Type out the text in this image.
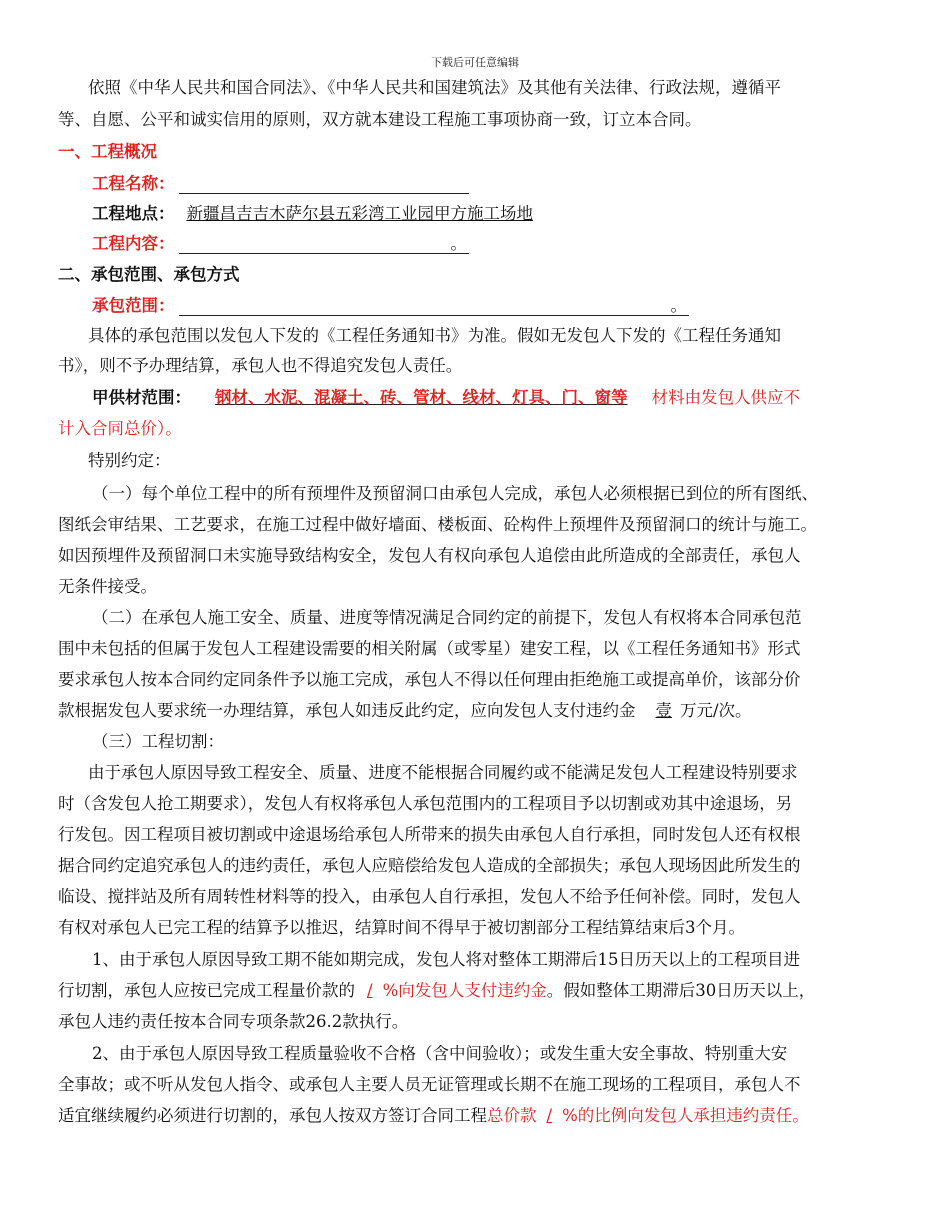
下载后可任意编辑
依照《中华人民共和国合同法》、《中华人民共和国建筑法》及其他有关法律、行政法规，遵循平
等、自愿、公平和诚实信用的原则，双方就本建设工程施工事项协商一致，订立本合同。
一、工程概况
工程名称：
工程地点： 新疆昌吉吉木萨尔县五彩湾工业园甲方施工场地
工程内容：	。
二、承包范围、承包方式
承包范围：	。
具体的承包范围以发包人下发的《工程任务通知书》为准。假如无发包人下发的《工程任务通知
书》，则不予办理结算，承包人也不得追究发包人责任。
甲供材范围： 钢材、水泥、混凝土、砖、管材、线材、灯具、门、窗等 材料由发包人供应不
计入合同总价）。
特别约定：
（一）每个单位工程中的所有预埋件及预留洞口由承包人完成，承包人必须根据已到位的所有图纸、
图纸会审结果、工艺要求，在施工过程中做好墙面、楼板面、砼构件上预埋件及预留洞口的统计与施工。
如因预埋件及预留洞口未实施导致结构安全，发包人有权向承包人追偿由此所造成的全部责任，承包人
无条件接受。
（二）在承包人施工安全、质量、进度等情况满足合同约定的前提下，发包人有权将本合同承包范
围中未包括的但属于发包人工程建设需要的相关附属（或零星）建安工程，以《工程任务通知书》形式
要求承包人按本合同约定同条件予以施工完成，承包人不得以任何理由拒绝施工或提高单价，该部分价
款根据发包人要求统一办理结算，承包人如违反此约定，应向发包人支付违约金 壹 万元/次。
（三）工程切割：
由于承包人原因导致工程安全、质量、进度不能根据合同履约或不能满足发包人工程建设特别要求
时（含发包人抢工期要求），发包人有权将承包人承包范围内的工程项目予以切割或劝其中途退场，另
行发包。因工程项目被切割或中途退场给承包人所带来的损失由承包人自行承担，同时发包人还有权根
据合同约定追究承包人的违约责任，承包人应赔偿给发包人造成的全部损失；承包人现场因此所发生的
临设、搅拌站及所有周转性材料等的投入，由承包人自行承担，发包人不给予任何补偿。同时，发包人
有权对承包人已完工程的结算予以推迟，结算时间不得早于被切割部分工程结算结束后3个月。
1、由于承包人原因导致工期不能如期完成，发包人将对整体工期滞后15日历天以上的工程项目进
行切割，承包人应按已完成工程量价款的 / %向发包人支付违约金。假如整体工期滞后30日历天以上，
承包人违约责任按本合同专项条款26.2款执行。
2、由于承包人原因导致工程质量验收不合格（含中间验收）；或发生重大安全事故、特别重大安
全事故；或不听从发包人指令、或承包人主要人员无证管理或长期不在施工现场的工程项目，承包人不
适宜继续履约必须进行切割的，承包人按双方签订合同工程总价款 / %的比例向发包人承担违约责任。
